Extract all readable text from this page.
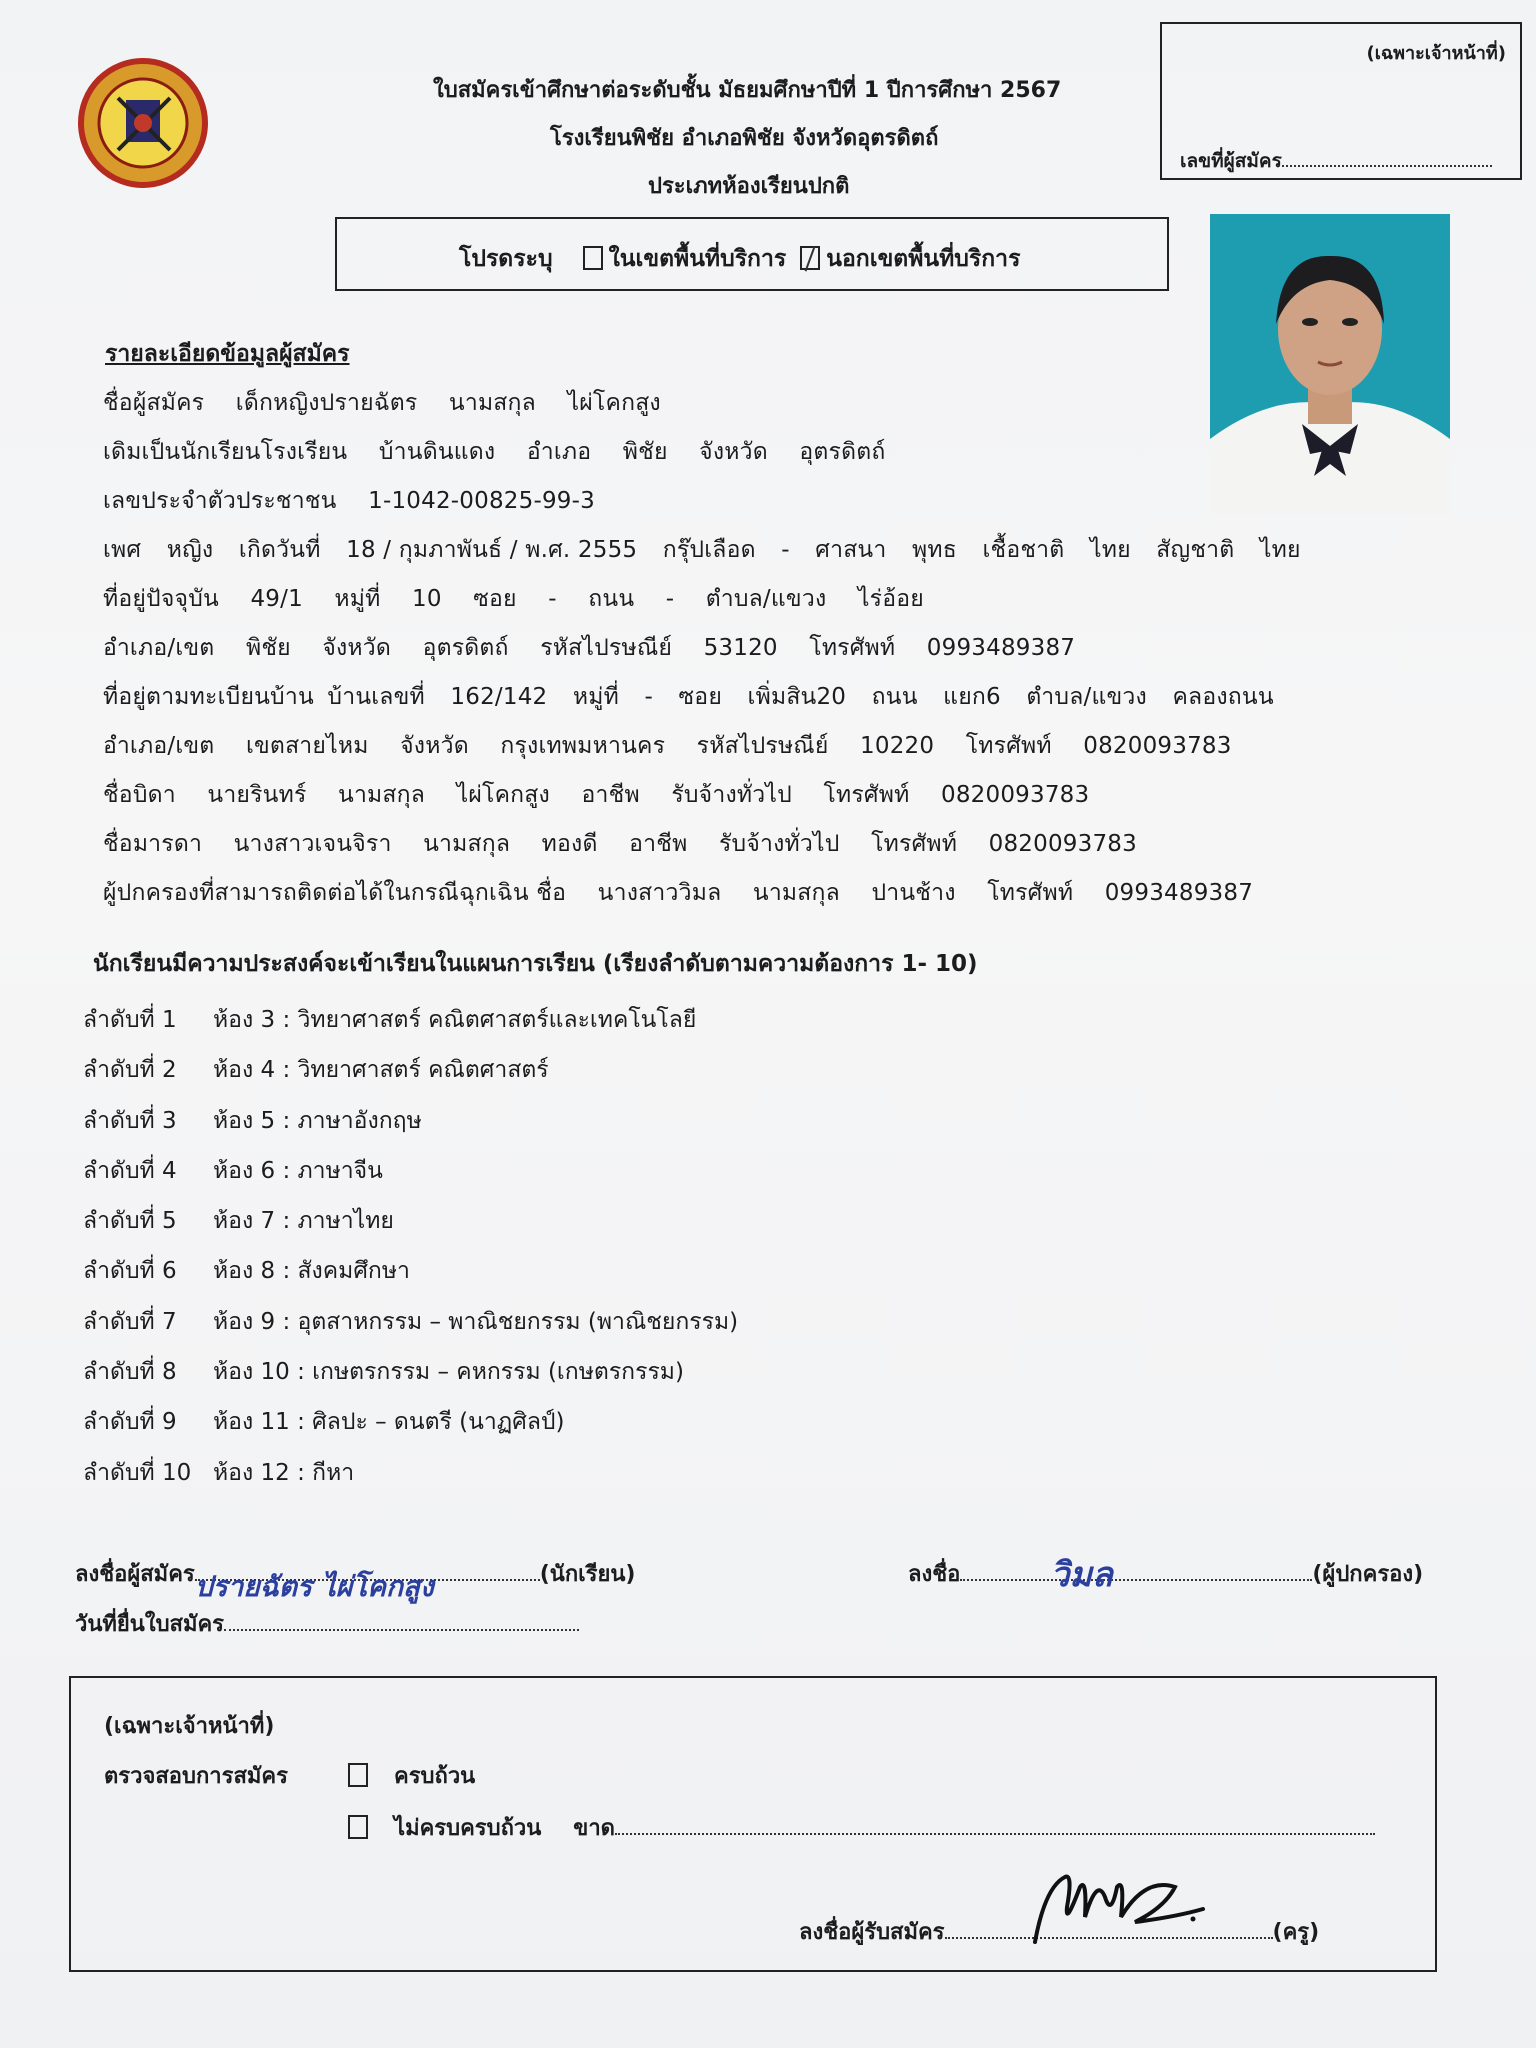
ใบสมัครเข้าศึกษาต่อระดับชั้น มัธยมศึกษาปีที่ 1 ปีการศึกษา 2567
โรงเรียนพิชัย อำเภอพิชัย จังหวัดอุตรดิตถ์
ประเภทห้องเรียนปกติ
(เฉพาะเจ้าหน้าที่)
เลขที่ผู้สมัคร
โปรดระบุ ในเขตพื้นที่บริการ นอกเขตพื้นที่บริการ
รายละเอียดข้อมูลผู้สมัคร
ชื่อผู้สมัคร เด็กหญิงปรายฉัตร นามสกุล ไผ่โคกสูง
เดิมเป็นนักเรียนโรงเรียน บ้านดินแดง อำเภอ พิชัย จังหวัด อุตรดิตถ์
เลขประจำตัวประชาชน 1-1042-00825-99-3
เพศ หญิง เกิดวันที่ 18 / กุมภาพันธ์ / พ.ศ. 2555 กรุ๊ปเลือด - ศาสนา พุทธ เชื้อชาติ ไทย สัญชาติ ไทย
ที่อยู่ปัจจุบัน 49/1 หมู่ที่ 10 ซอย - ถนน - ตำบล/แขวง ไร่อ้อย
อำเภอ/เขต พิชัย จังหวัด อุตรดิตถ์ รหัสไปรษณีย์ 53120 โทรศัพท์ 0993489387
ที่อยู่ตามทะเบียนบ้าน บ้านเลขที่ 162/142 หมู่ที่ - ซอย เพิ่มสิน20 ถนน แยก6 ตำบล/แขวง คลองถนน
อำเภอ/เขต เขตสายไหม จังหวัด กรุงเทพมหานคร รหัสไปรษณีย์ 10220 โทรศัพท์ 0820093783
ชื่อบิดา นายรินทร์ นามสกุล ไผ่โคกสูง อาชีพ รับจ้างทั่วไป โทรศัพท์ 0820093783
ชื่อมารดา นางสาวเจนจิรา นามสกุล ทองดี อาชีพ รับจ้างทั่วไป โทรศัพท์ 0820093783
ผู้ปกครองที่สามารถติดต่อได้ในกรณีฉุกเฉิน ชื่อ นางสาววิมล นามสกุล ปานช้าง โทรศัพท์ 0993489387
นักเรียนมีความประสงค์จะเข้าเรียนในแผนการเรียน (เรียงลำดับตามความต้องการ 1- 10)
ลำดับที่ 1 ห้อง 3 : วิทยาศาสตร์ คณิตศาสตร์และเทคโนโลยี
ลำดับที่ 2 ห้อง 4 : วิทยาศาสตร์ คณิตศาสตร์
ลำดับที่ 3 ห้อง 5 : ภาษาอังกฤษ
ลำดับที่ 4 ห้อง 6 : ภาษาจีน
ลำดับที่ 5 ห้อง 7 : ภาษาไทย
ลำดับที่ 6 ห้อง 8 : สังคมศึกษา
ลำดับที่ 7 ห้อง 9 : อุตสาหกรรม – พาณิชยกรรม (พาณิชยกรรม)
ลำดับที่ 8 ห้อง 10 : เกษตรกรรม – คหกรรม (เกษตรกรรม)
ลำดับที่ 9 ห้อง 11 : ศิลปะ – ดนตรี (นาฏศิลป์)
ลำดับที่ 10 ห้อง 12 : กีหา
ลงชื่อผู้สมัคร ปรายฉัตร ไผ่โคกสูง	(นักเรียน)	ลงชื่อ	วิมล	(ผู้ปกครอง)
วันที่ยื่นใบสมัคร
(เฉพาะเจ้าหน้าที่)
ตรวจสอบการสมัคร	ครบถ้วน
ไม่ครบครบถ้วน ขาด
ลงชื่อผู้รับสมัคร	(ครู)
